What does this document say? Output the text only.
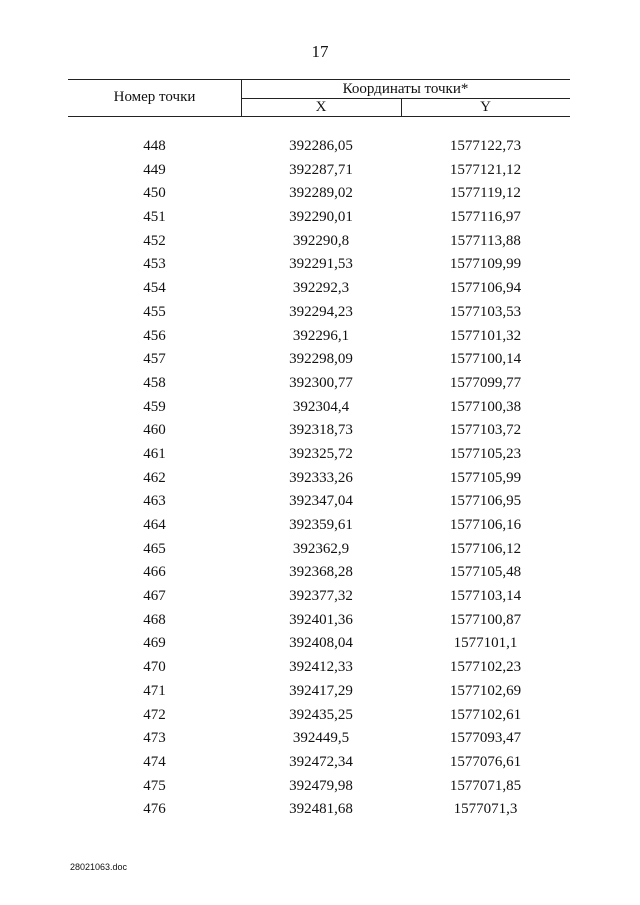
17
Номер точки	Координаты точки*
X	Y
448	392286,05	1577122,73
449	392287,71	1577121,12
450	392289,02	1577119,12
451	392290,01	1577116,97
452	392290,8	1577113,88
453	392291,53	1577109,99
454	392292,3	1577106,94
455	392294,23	1577103,53
456	392296,1	1577101,32
457	392298,09	1577100,14
458	392300,77	1577099,77
459	392304,4	1577100,38
460	392318,73	1577103,72
461	392325,72	1577105,23
462	392333,26	1577105,99
463	392347,04	1577106,95
464	392359,61	1577106,16
465	392362,9	1577106,12
466	392368,28	1577105,48
467	392377,32	1577103,14
468	392401,36	1577100,87
469	392408,04	1577101,1
470	392412,33	1577102,23
471	392417,29	1577102,69
472	392435,25	1577102,61
473	392449,5	1577093,47
474	392472,34	1577076,61
475	392479,98	1577071,85
476	392481,68	1577071,3
28021063.doc
